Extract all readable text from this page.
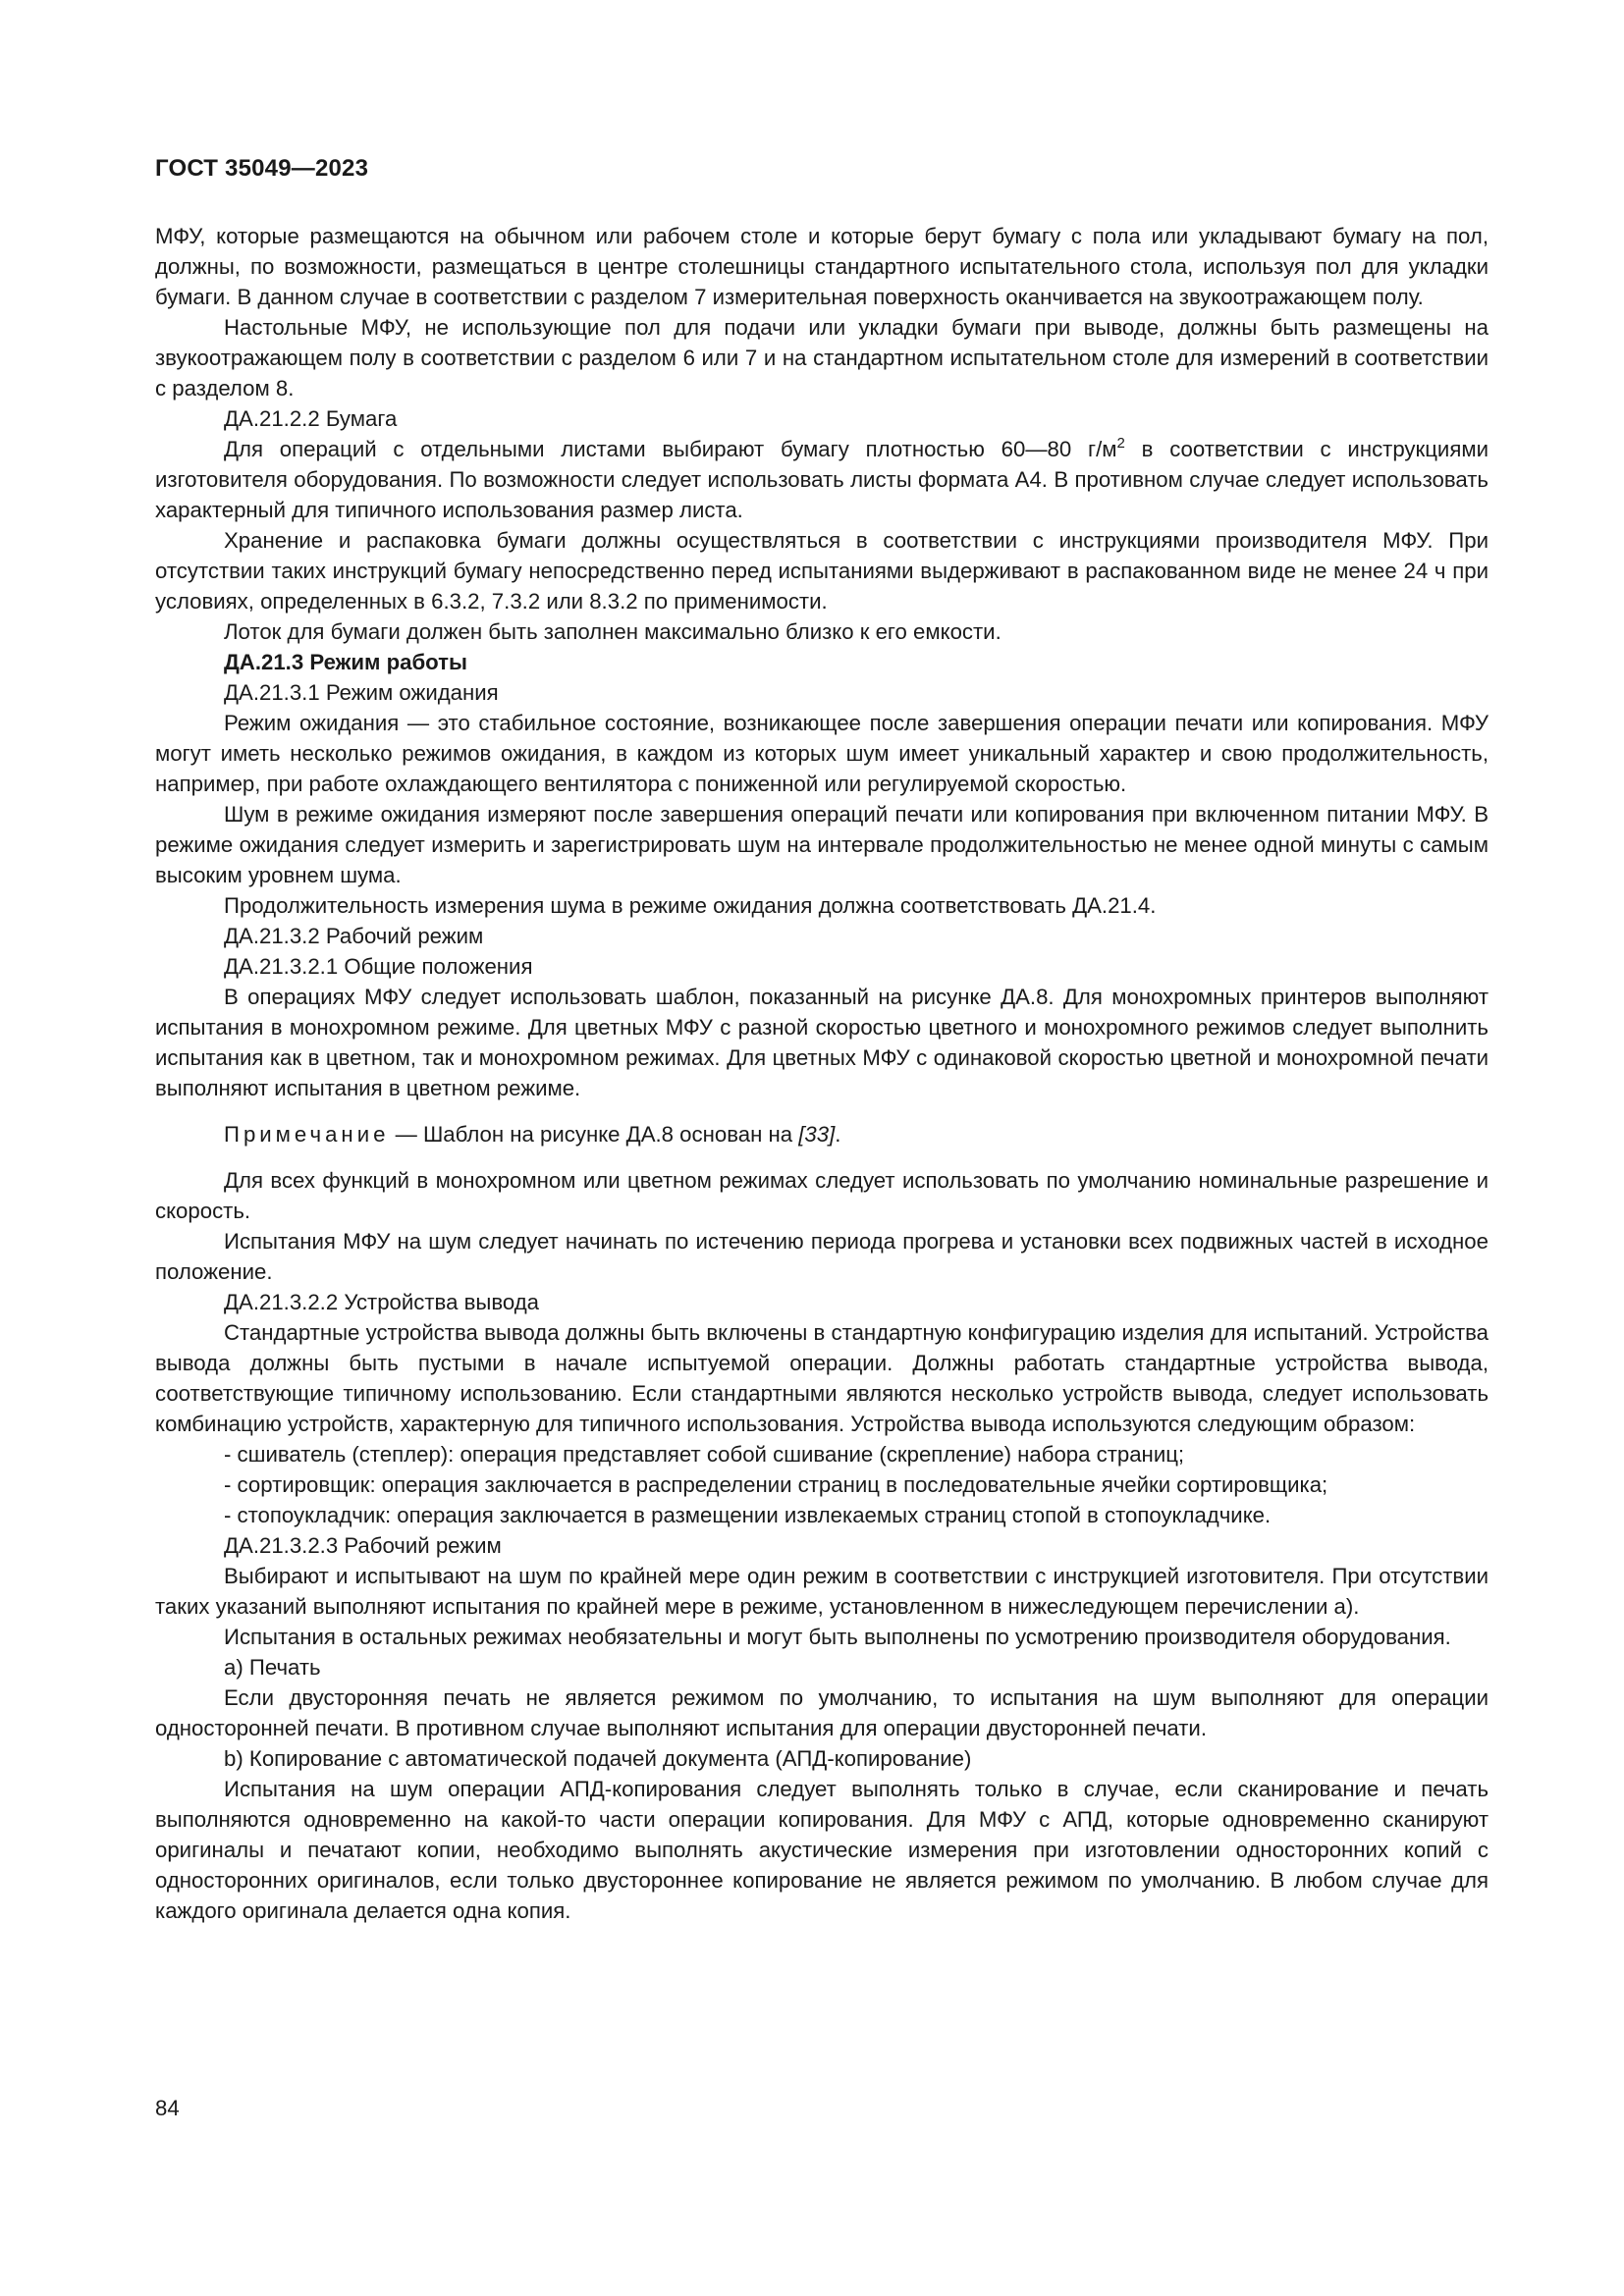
ГОСТ 35049—2023

МФУ, которые размещаются на обычном или рабочем столе и которые берут бумагу с пола или укладывают бумагу на пол, должны, по возможности, размещаться в центре столешницы стандартного испытательного стола, используя пол для укладки бумаги. В данном случае в соответствии с разделом 7 измерительная поверхность оканчивается на звукоотражающем полу.

Настольные МФУ, не использующие пол для подачи или укладки бумаги при выводе, должны быть размещены на звукоотражающем полу в соответствии с разделом 6 или 7 и на стандартном испытательном столе для измерений в соответствии с разделом 8.

ДА.21.2.2 Бумага

Для операций с отдельными листами выбирают бумагу плотностью 60—80 $г/м^2$ в соответствии с инструкциями изготовителя оборудования. По возможности следует использовать листы формата А4. В противном случае следует использовать характерный для типичного использования размер листа.

Хранение и распаковка бумаги должны осуществляться в соответствии с инструкциями производителя МФУ. При отсутствии таких инструкций бумагу непосредственно перед испытаниями выдерживают в распакованном виде не менее 24 ч при условиях, определенных в 6.3.2, 7.3.2 или 8.3.2 по применимости.

Лоток для бумаги должен быть заполнен максимально близко к его емкости.

ДА.21.3 Режим работы

ДА.21.3.1 Режим ожидания

Режим ожидания — это стабильное состояние, возникающее после завершения операции печати или копирования. МФУ могут иметь несколько режимов ожидания, в каждом из которых шум имеет уникальный характер и свою продолжительность, например, при работе охлаждающего вентилятора с пониженной или регулируемой скоростью.

Шум в режиме ожидания измеряют после завершения операций печати или копирования при включенном питании МФУ. В режиме ожидания следует измерить и зарегистрировать шум на интервале продолжительностью не менее одной минуты с самым высоким уровнем шума.

Продолжительность измерения шума в режиме ожидания должна соответствовать ДА.21.4.

ДА.21.3.2 Рабочий режим

ДА.21.3.2.1 Общие положения

В операциях МФУ следует использовать шаблон, показанный на рисунке ДА.8. Для монохромных принтеров выполняют испытания в монохромном режиме. Для цветных МФУ с разной скоростью цветного и монохромного режимов следует выполнить испытания как в цветном, так и монохромном режимах. Для цветных МФУ с одинаковой скоростью цветной и монохромной печати выполняют испытания в цветном режиме.

Примечание — Шаблон на рисунке ДА.8 основан на [33].

Для всех функций в монохромном или цветном режимах следует использовать по умолчанию номинальные разрешение и скорость.

Испытания МФУ на шум следует начинать по истечению периода прогрева и установки всех подвижных частей в исходное положение.

ДА.21.3.2.2 Устройства вывода

Стандартные устройства вывода должны быть включены в стандартную конфигурацию изделия для испытаний. Устройства вывода должны быть пустыми в начале испытуемой операции. Должны работать стандартные устройства вывода, соответствующие типичному использованию. Если стандартными являются несколько устройств вывода, следует использовать комбинацию устройств, характерную для типичного использования. Устройства вывода используются следующим образом:

- сшиватель (степлер): операция представляет собой сшивание (скрепление) набора страниц;

- сортировщик: операция заключается в распределении страниц в последовательные ячейки сортировщика;

- стопоукладчик: операция заключается в размещении извлекаемых страниц стопой в стопоукладчике.

ДА.21.3.2.3 Рабочий режим

Выбирают и испытывают на шум по крайней мере один режим в соответствии с инструкцией изготовителя. При отсутствии таких указаний выполняют испытания по крайней мере в режиме, установленном в нижеследующем перечислении а).

Испытания в остальных режимах необязательны и могут быть выполнены по усмотрению производителя оборудования.

а) Печать

Если двусторонняя печать не является режимом по умолчанию, то испытания на шум выполняют для операции односторонней печати. В противном случае выполняют испытания для операции двусторонней печати.

b) Копирование с автоматической подачей документа (АПД-копирование)

Испытания на шум операции АПД-копирования следует выполнять только в случае, если сканирование и печать выполняются одновременно на какой-то части операции копирования. Для МФУ с АПД, которые одновременно сканируют оригиналы и печатают копии, необходимо выполнять акустические измерения при изготовлении односторонних копий с односторонних оригиналов, если только двустороннее копирование не является режимом по умолчанию. В любом случае для каждого оригинала делается одна копия.

84
